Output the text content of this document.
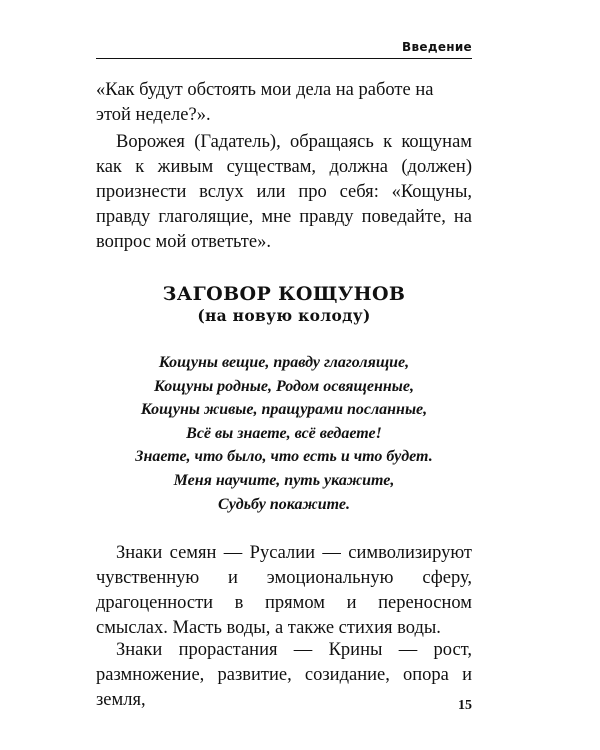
Введение

«Как будут обстоять мои дела на работе на этой неделе?».

Ворожея (Гадатель), обращаясь к кощунам как к живым существам, должна (должен) произнести вслух или про себя: «Кощуны, правду глаголящие, мне правду поведайте, на вопрос мой ответьте».

ЗАГОВОР КОЩУНОВ
(на новую колоду)
Кощуны вещие, правду глаголящие,
Кощуны родные, Родом освященные,
Кощуны живые, пращурами посланные,
Всё вы знаете, всё ведаете!
Знаете, что было, что есть и что будет.
Меня научите, путь укажите,
Судьбу покажите.

Знаки семян — Русалии — символизируют чувственную и эмоциональную сферу, драгоценности в прямом и переносном смыслах. Масть воды, а также стихия воды.

Знаки прорастания — Крины — рост, размножение, развитие, созидание, опора и земля,	15
